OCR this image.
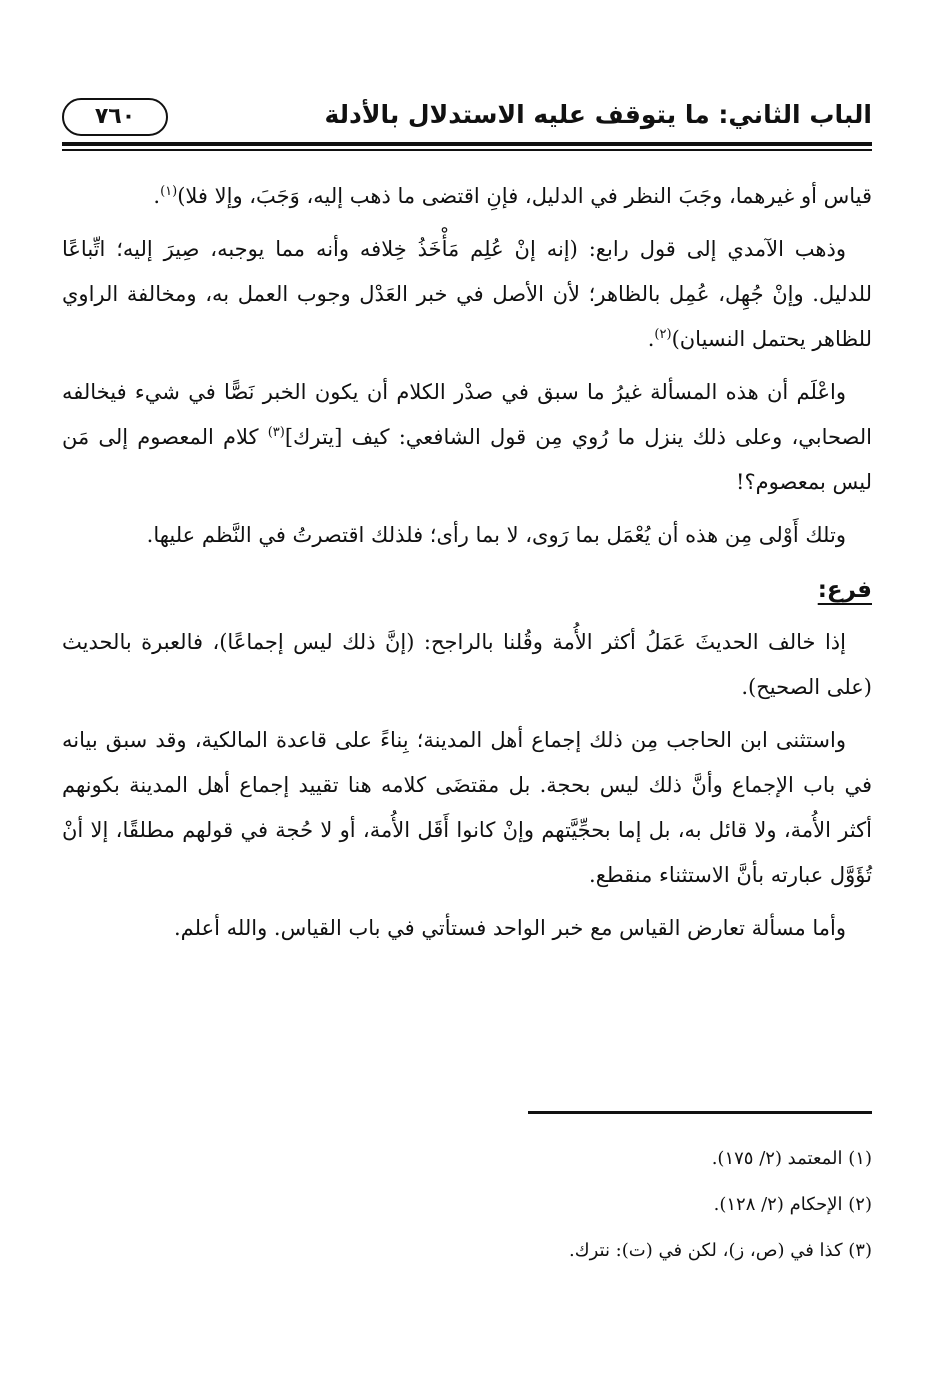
الباب الثاني: ما يتوقف عليه الاستدلال بالأدلة
٧٦٠

قياس أو غيرهما، وجَبَ النظر في الدليل، فإنِ اقتضى ما ذهب إليه، وَجَبَ، وإلا فلا)$^{(١)}$.

وذهب الآمدي إلى قول رابع: (إنه إنْ عُلِم مَأْخَذُ خِلافه وأنه مما يوجبه، صِيرَ إليه؛ اتِّباعًا للدليل. وإنْ جُهِل، عُمِل بالظاهر؛ لأن الأصل في خبر العَدْل وجوب العمل به، ومخالفة الراوي للظاهر يحتمل النسيان)$^{(٢)}$.

واعْلَم أن هذه المسألة غيرُ ما سبق في صدْر الكلام أن يكون الخبر نَصًّا في شيء فيخالفه الصحابي، وعلى ذلك ينزل ما رُوي مِن قول الشافعي: كيف [يترك]$^{(٣)}$ كلام المعصوم إلى مَن ليس بمعصوم؟!

وتلك أَوْلى مِن هذه أن يُعْمَل بما رَوى، لا بما رأى؛ فلذلك اقتصرتُ في النَّظم عليها.

فرع:

إذا خالف الحديثَ عَمَلُ أكثر الأُمة وقُلنا بالراجح: (إنَّ ذلك ليس إجماعًا)، فالعبرة بالحديث (على الصحيح).

واستثنى ابن الحاجب مِن ذلك إجماع أهل المدينة؛ بِناءً على قاعدة المالكية، وقد سبق بيانه في باب الإجماع وأنَّ ذلك ليس بحجة. بل مقتضَى كلامه هنا تقييد إجماع أهل المدينة بكونهم أكثر الأُمة، ولا قائل به، بل إما بحجِّيَّتهم وإنْ كانوا أَقَل الأُمة، أو لا حُجة في قولهم مطلقًا، إلا أنْ تُؤَوَّل عبارته بأنَّ الاستثناء منقطع.

وأما مسألة تعارض القياس مع خبر الواحد فستأتي في باب القياس. والله أعلم.

(١) المعتمد (٢/ ١٧٥).

(٢) الإحكام (٢/ ١٢٨).

(٣) كذا في (ص، ز)، لكن في (ت): نترك.
